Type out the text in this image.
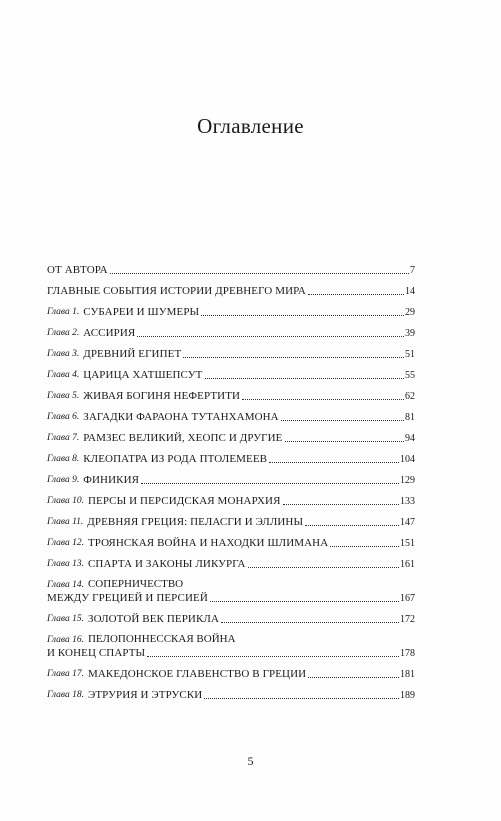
Оглавление
ОТ АВТОРА	7
ГЛАВНЫЕ СОБЫТИЯ ИСТОРИИ ДРЕВНЕГО МИРА	14
Глава 1. СУБАРЕИ И ШУМЕРЫ	29
Глава 2. АССИРИЯ	39
Глава 3. ДРЕВНИЙ ЕГИПЕТ	51
Глава 4. ЦАРИЦА ХАТШЕПСУТ	55
Глава 5. ЖИВАЯ БОГИНЯ НЕФЕРТИТИ	62
Глава 6. ЗАГАДКИ ФАРАОНА ТУТАНХАМОНА	81
Глава 7. РАМЗЕС ВЕЛИКИЙ, ХЕОПС И ДРУГИЕ	94
Глава 8. КЛЕОПАТРА ИЗ РОДА ПТОЛЕМЕЕВ	104
Глава 9. ФИНИКИЯ	129
Глава 10. ПЕРСЫ И ПЕРСИДСКАЯ МОНАРХИЯ	133
Глава 11. ДРЕВНЯЯ ГРЕЦИЯ: ПЕЛАСГИ И ЭЛЛИНЫ	147
Глава 12. ТРОЯНСКАЯ ВОЙНА И НАХОДКИ ШЛИМАНА	151
Глава 13. СПАРТА И ЗАКОНЫ ЛИКУРГА	161
Глава 14. СОПЕРНИЧЕСТВО
МЕЖДУ ГРЕЦИЕЙ И ПЕРСИЕЙ	167
Глава 15. ЗОЛОТОЙ ВЕК ПЕРИКЛА	172
Глава 16. ПЕЛОПОННЕССКАЯ ВОЙНА
И КОНЕЦ СПАРТЫ	178
Глава 17. МАКЕДОНСКОЕ ГЛАВЕНСТВО В ГРЕЦИИ	181
Глава 18. ЭТРУРИЯ И ЭТРУСКИ	189
5
